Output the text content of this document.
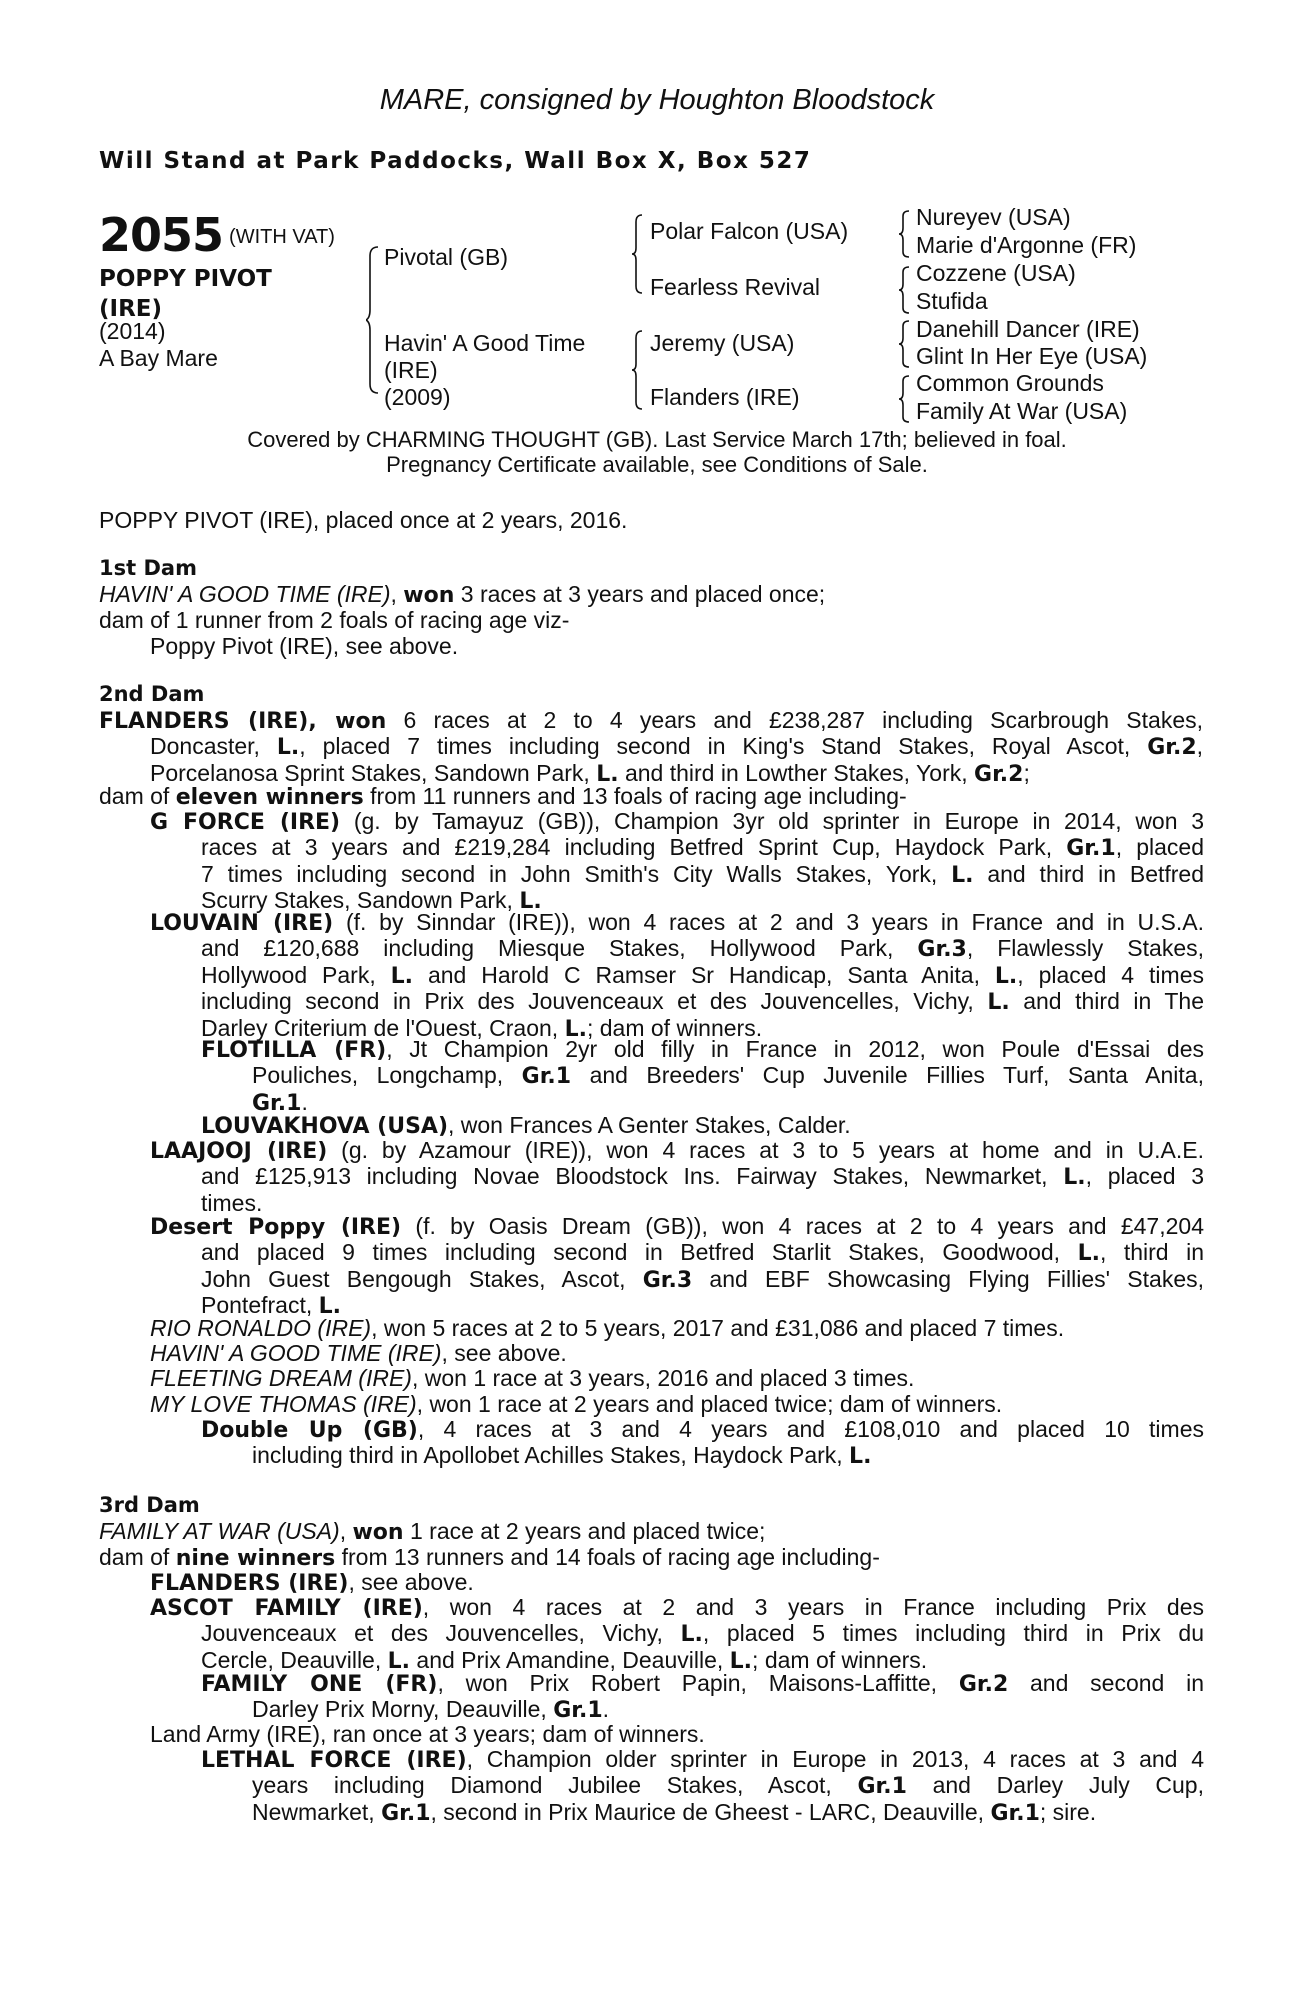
MARE, consigned by Houghton Bloodstock
Will Stand at Park Paddocks, Wall Box X, Box 527
2055 (WITH VAT)
POPPY PIVOT (IRE)
(2014)
A Bay Mare
Pivotal (GB)
Havin' A Good Time
(IRE)
(2009)
Polar Falcon (USA)
Fearless Revival
Jeremy (USA)
Flanders (IRE)
Nureyev (USA)
Marie d'Argonne (FR)
Cozzene (USA)
Stufida
Danehill Dancer (IRE)
Glint In Her Eye (USA)
Common Grounds
Family At War (USA)
Covered by CHARMING THOUGHT (GB). Last Service March 17th; believed in foal.
Pregnancy Certificate available, see Conditions of Sale.
POPPY PIVOT (IRE), placed once at 2 years, 2016.
1st Dam
HAVIN' A GOOD TIME (IRE), won 3 races at 3 years and placed once;
dam of 1 runner from 2 foals of racing age viz-
Poppy Pivot (IRE), see above.
2nd Dam
FLANDERS (IRE), won 6 races at 2 to 4 years and £238,287 including Scarbrough Stakes,
Doncaster, L., placed 7 times including second in King's Stand Stakes, Royal Ascot, Gr.2,
Porcelanosa Sprint Stakes, Sandown Park, L. and third in Lowther Stakes, York, Gr.2;
dam of eleven winners from 11 runners and 13 foals of racing age including-
G FORCE (IRE) (g. by Tamayuz (GB)), Champion 3yr old sprinter in Europe in 2014, won 3
races at 3 years and £219,284 including Betfred Sprint Cup, Haydock Park, Gr.1, placed
7 times including second in John Smith's City Walls Stakes, York, L. and third in Betfred
Scurry Stakes, Sandown Park, L.
LOUVAIN (IRE) (f. by Sinndar (IRE)), won 4 races at 2 and 3 years in France and in U.S.A.
and £120,688 including Miesque Stakes, Hollywood Park, Gr.3, Flawlessly Stakes,
Hollywood Park, L. and Harold C Ramser Sr Handicap, Santa Anita, L., placed 4 times
including second in Prix des Jouvenceaux et des Jouvencelles, Vichy, L. and third in The
Darley Criterium de l'Ouest, Craon, L.; dam of winners.
FLOTILLA (FR), Jt Champion 2yr old filly in France in 2012, won Poule d'Essai des
Pouliches, Longchamp, Gr.1 and Breeders' Cup Juvenile Fillies Turf, Santa Anita,
Gr.1.
LOUVAKHOVA (USA), won Frances A Genter Stakes, Calder.
LAAJOOJ (IRE) (g. by Azamour (IRE)), won 4 races at 3 to 5 years at home and in U.A.E.
and £125,913 including Novae Bloodstock Ins. Fairway Stakes, Newmarket, L., placed 3
times.
Desert Poppy (IRE) (f. by Oasis Dream (GB)), won 4 races at 2 to 4 years and £47,204
and placed 9 times including second in Betfred Starlit Stakes, Goodwood, L., third in
John Guest Bengough Stakes, Ascot, Gr.3 and EBF Showcasing Flying Fillies' Stakes,
Pontefract, L.
RIO RONALDO (IRE), won 5 races at 2 to 5 years, 2017 and £31,086 and placed 7 times.
HAVIN' A GOOD TIME (IRE), see above.
FLEETING DREAM (IRE), won 1 race at 3 years, 2016 and placed 3 times.
MY LOVE THOMAS (IRE), won 1 race at 2 years and placed twice; dam of winners.
Double Up (GB), 4 races at 3 and 4 years and £108,010 and placed 10 times
including third in Apollobet Achilles Stakes, Haydock Park, L.
3rd Dam
FAMILY AT WAR (USA), won 1 race at 2 years and placed twice;
dam of nine winners from 13 runners and 14 foals of racing age including-
FLANDERS (IRE), see above.
ASCOT FAMILY (IRE), won 4 races at 2 and 3 years in France including Prix des
Jouvenceaux et des Jouvencelles, Vichy, L., placed 5 times including third in Prix du
Cercle, Deauville, L. and Prix Amandine, Deauville, L.; dam of winners.
FAMILY ONE (FR), won Prix Robert Papin, Maisons-Laffitte, Gr.2 and second in
Darley Prix Morny, Deauville, Gr.1.
Land Army (IRE), ran once at 3 years; dam of winners.
LETHAL FORCE (IRE), Champion older sprinter in Europe in 2013, 4 races at 3 and 4
years including Diamond Jubilee Stakes, Ascot, Gr.1 and Darley July Cup,
Newmarket, Gr.1, second in Prix Maurice de Gheest - LARC, Deauville, Gr.1; sire.
